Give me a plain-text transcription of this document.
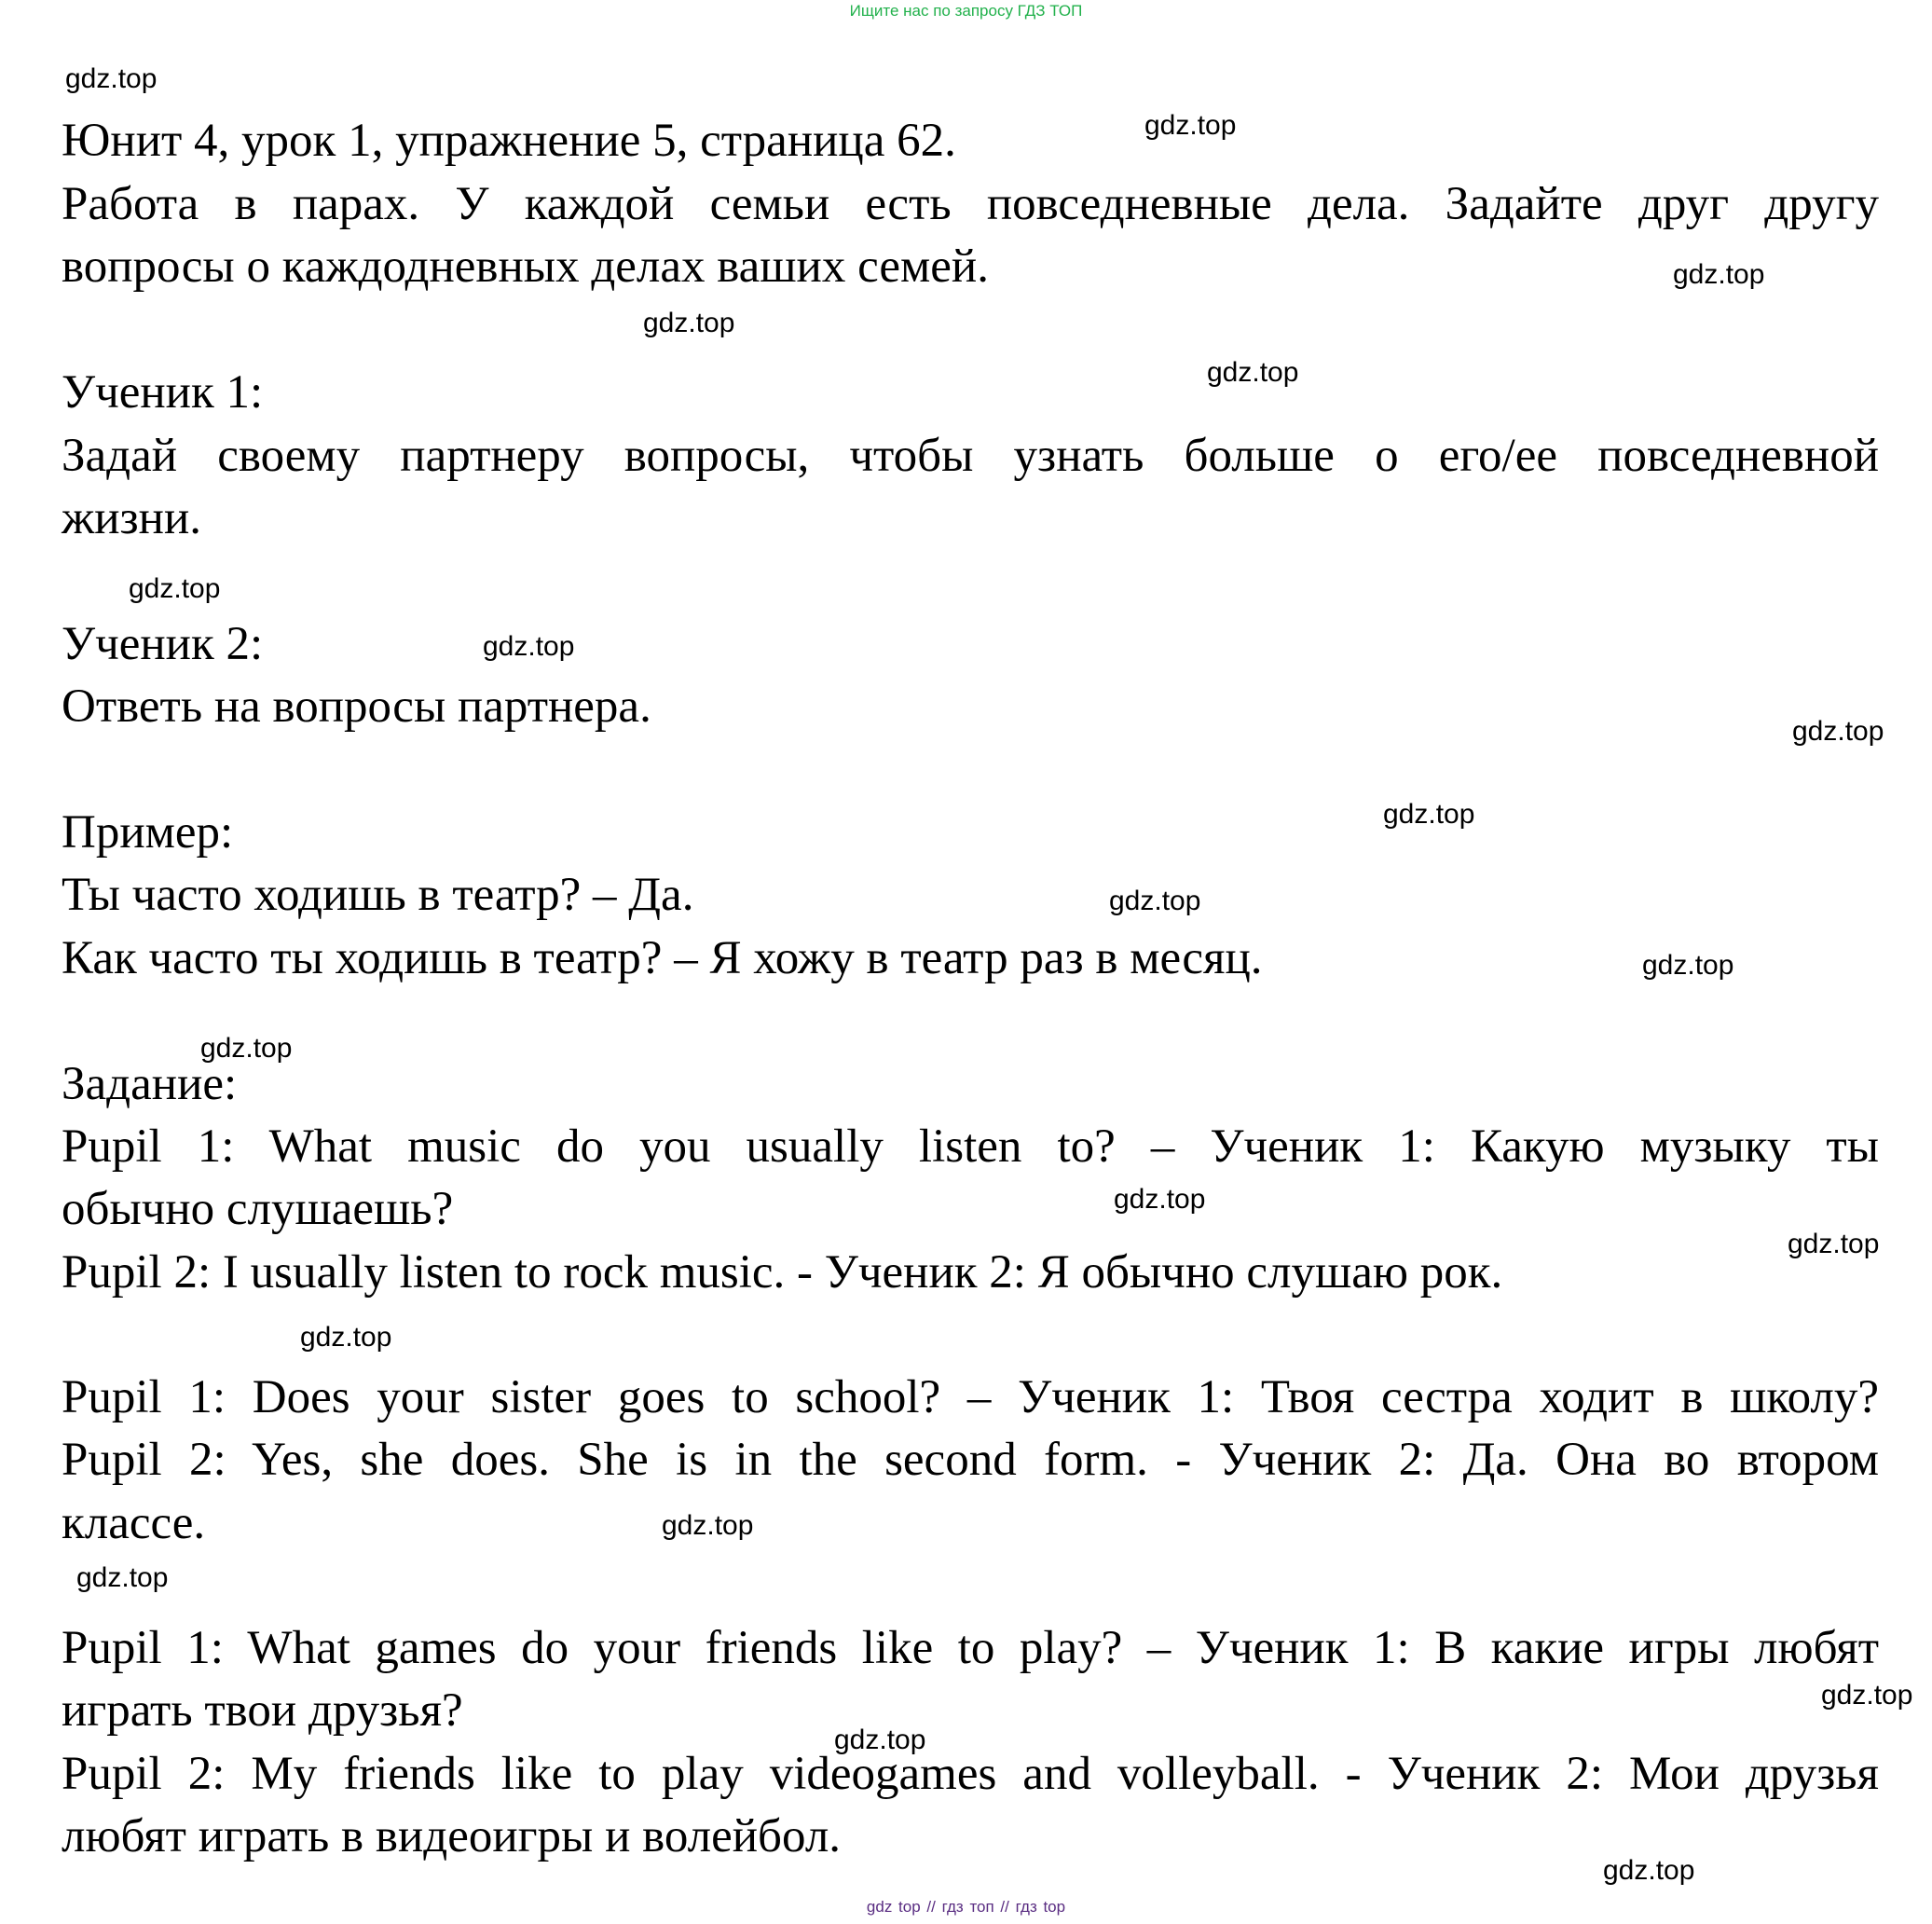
Ищите нас по запросу ГДЗ ТОП
gdz.top
gdz.top
gdz.top
gdz.top
gdz.top
gdz.top
gdz.top
gdz.top
gdz.top
gdz.top
gdz.top
gdz.top
gdz.top
gdz.top
gdz.top
gdz.top
gdz.top
gdz.top
gdz.top
gdz.top
Юнит 4, урок 1, упражнение 5, страница 62.
Работа в парах. У каждой семьи есть повседневные дела. Задайте друг другу
вопросы о каждодневных делах ваших семей.
Ученик 1:
Задай своему партнеру вопросы, чтобы узнать больше о его/ее повседневной
жизни.
Ученик 2:
Ответь на вопросы партнера.
Пример:
Ты часто ходишь в театр? – Да.
Как часто ты ходишь в театр? – Я хожу в театр раз в месяц.
Задание:
Pupil 1: What music do you usually listen to? – Ученик 1: Какую музыку ты
обычно слушаешь?
Pupil 2: I usually listen to rock music. - Ученик 2: Я обычно слушаю рок.
Pupil 1: Does your sister goes to school? – Ученик 1: Твоя сестра ходит в школу?
Pupil 2: Yes, she does. She is in the second form. - Ученик 2: Да. Она во втором
классе.
Pupil 1: What games do your friends like to play? – Ученик 1: В какие игры любят
играть твои друзья?
Pupil 2: My friends like to play videogames and volleyball. - Ученик 2: Мои друзья
любят играть в видеоигры и волейбол.
gdz top // гдз топ // гдз top
